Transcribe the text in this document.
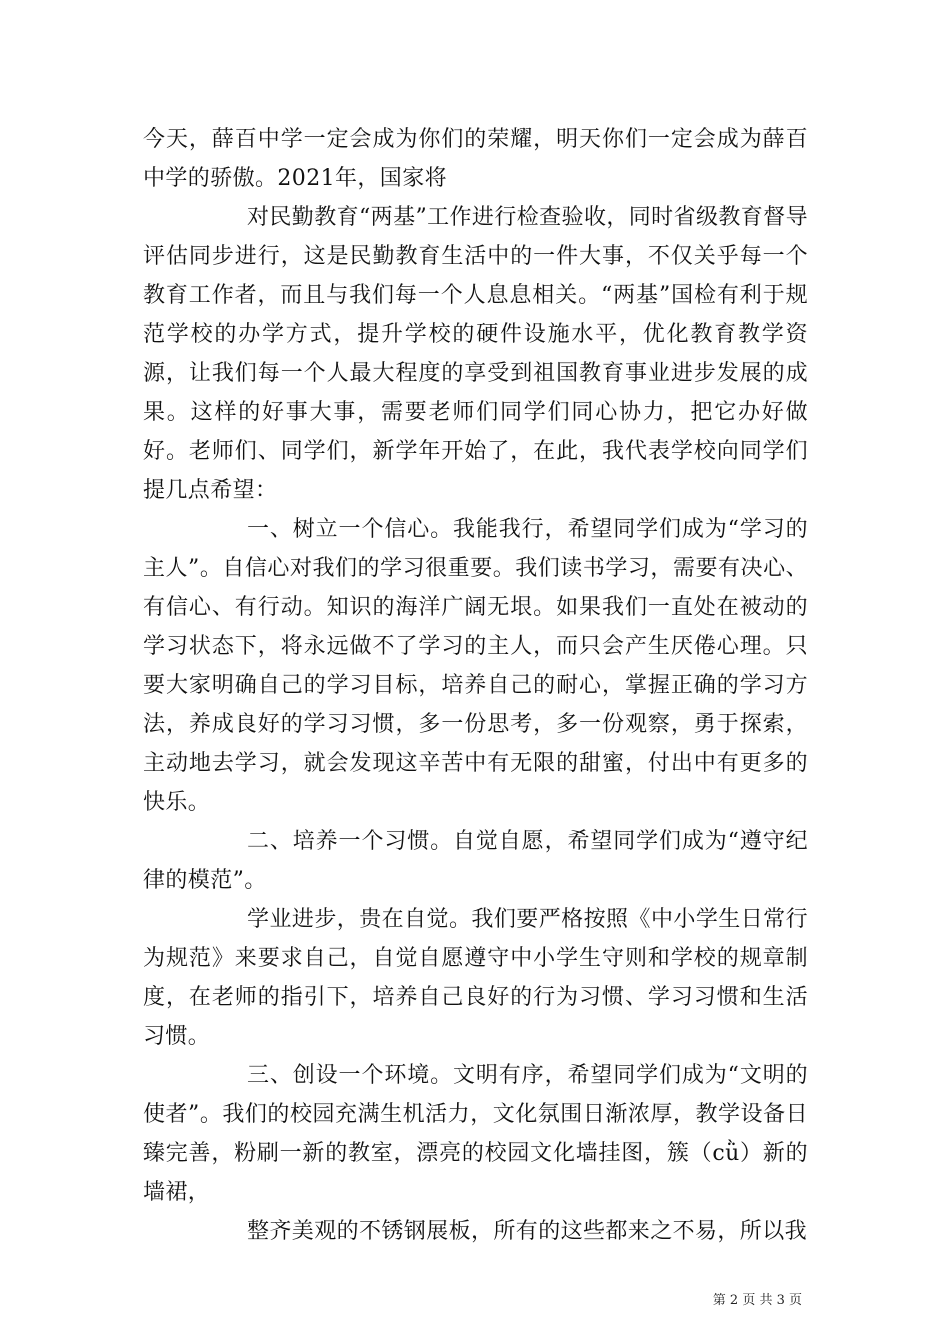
今天，薛百中学一定会成为你们的荣耀，明天你们一定会成为薛百中学的骄傲。2021年，国家将

对民勤教育“两基”工作进行检查验收，同时省级教育督导评估同步进行，这是民勤教育生活中的一件大事，不仅关乎每一个教育工作者，而且与我们每一个人息息相关。“两基”国检有利于规范学校的办学方式，提升学校的硬件设施水平，优化教育教学资源，让我们每一个人最大程度的享受到祖国教育事业进步发展的成果。这样的好事大事，需要老师们同学们同心协力，把它办好做好。老师们、同学们，新学年开始了，在此，我代表学校向同学们提几点希望：

一、树立一个信心。我能我行，希望同学们成为“学习的主人”。自信心对我们的学习很重要。我们读书学习，需要有决心、有信心、有行动。知识的海洋广阔无垠。如果我们一直处在被动的学习状态下，将永远做不了学习的主人，而只会产生厌倦心理。只要大家明确自己的学习目标，培养自己的耐心，掌握正确的学习方法，养成良好的学习习惯，多一份思考，多一份观察，勇于探索，主动地去学习，就会发现这辛苦中有无限的甜蜜，付出中有更多的快乐。

二、培养一个习惯。自觉自愿，希望同学们成为“遵守纪律的模范”。

学业进步，贵在自觉。我们要严格按照《中小学生日常行为规范》来要求自己，自觉自愿遵守中小学生守则和学校的规章制度，在老师的指引下，培养自己良好的行为习惯、学习习惯和生活习惯。

三、创设一个环境。文明有序，希望同学们成为“文明的使者”。我们的校园充满生机活力，文化氛围日渐浓厚，教学设备日臻完善，粉刷一新的教室，漂亮的校园文化墙挂图，簇（cǜ）新的墙裙，

整齐美观的不锈钢展板，所有的这些都来之不易，所以我

第 2 页 共 3 页
